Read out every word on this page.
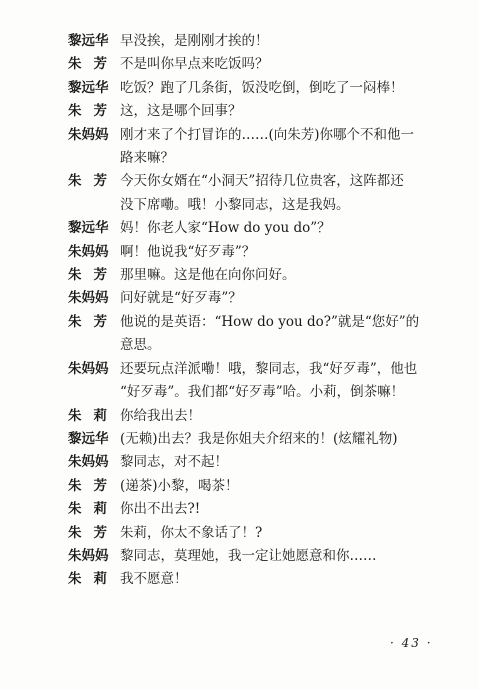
黎远华 早没挨，是刚刚才挨的！
朱芳 不是叫你早点来吃饭吗？
黎远华 吃饭？跑了几条街，饭没吃倒，倒吃了一闷棒！
朱芳 这，这是哪个回事？
朱妈妈 刚才来了个打冒诈的……(向朱芳)你哪个不和他一
路来嘛？
朱芳 今天你女婿在“小洞天”招待几位贵客，这阵都还
没下席嘞。哦！小黎同志，这是我妈。
黎远华 妈！你老人家“How do you do”？
朱妈妈 啊！他说我“好歹毒”？
朱芳 那里嘛。这是他在向你问好。
朱妈妈 问好就是“好歹毒”？
朱芳 他说的是英语：“How do you do?”就是“您好”的
意思。
朱妈妈 还要玩点洋派嘞！哦，黎同志，我“好歹毒”，他也
“好歹毒”。我们都“好歹毒”哈。小莉，倒茶嘛！
朱莉 你给我出去！
黎远华 (无赖)出去？我是你姐夫介绍来的！(炫耀礼物)
朱妈妈 黎同志，对不起！
朱芳 (递茶)小黎，喝茶！
朱莉 你出不出去?!
朱芳 朱莉，你太不象话了！?
朱妈妈 黎同志，莫理她，我一定让她愿意和你……
朱莉 我不愿意！
· 43 ·
